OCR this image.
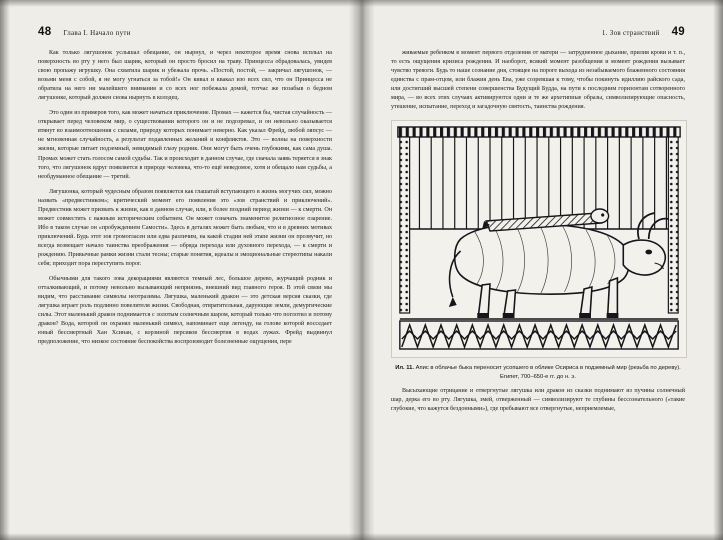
48 Глава I. Начало пути

Как только лягушонок услышал обещание, он нырнул, и через некоторое время снова всплыл на поверхность во рту у него был шарик, который он просто бросил на траву. Принцесса обрадовалась, увидев свою пропажу игрушку. Она схватила шарик и убежала прочь. «Постой, постой, — закричал лягушонок, — возьми меня с собой, я не могу угнаться за тобой!» Он кивал и квакал изо всех сил, что он Принцесса не обратила на него ни малейшего внимания и со всех ног побежала домой, тотчас же позабыв о бедном лягушонке, который должен снова нырнуть в колодец.

Это один из примеров того, как может начаться приключение. Промах — кажется бы, чистая случайность — открывает перед человеком мир, о существовании которого он и не подозревал, и он невольно оказывается втянут во взаимоотношения с силами, природу которых понимает неверно. Как указал Фрейд, любой ляпсус — не мгновенная случайность, а результат подавленных желаний и конфликтов. Это — волны на поверхности жизни, которые питает подземный, невидимый глазу родник. Они могут быть очень глубокими, как сама душа. Промах может стать голосом самой судьбы. Так и происходит в данном случае, где сначала заявь теряется в знак того, что лягушонок вдруг появляется в природе человека, что-то ещё неведомое, хотя и обещало нам судьбы, а необдуманное обещание — третий.

Лягушонка, который чудесным образом появляется как глашатай вступающего в жизнь могучих сил, можно назвать «предвестником»; критический момент его появления это «зов странствий и приключений». Предвестник может призвать к жизни, как в данном случае, или, в более поздний период жизни — к смерти. Он может совместить с важным историческим событием. Он может означать знаменитое религиозное озарение. Ибо в таком случае он «пробуждением Самости». Здесь в деталях может быть любым, что и в древних мотивах приключений. Будь этот зов громогласен или едва различим, на какой стадии ней этапе жизни он прозвучит, но всегда возвещает начало таинства преображения — обряда перехода или духовного перехода, — к смерти и рождению. Привычные рамки жизни стали тесны; старые понятия, идеалы и эмоциональные стереотипы накали себя; приходит пора переступить порог.

Обычными для такого зова декорациями являются темный лес, большое дерево, журчащий родник и отталкивающий, и потому невольно вызывающий неприязнь, внешний вид главного героя. В этой связи мы видим, что расставание символы неотразимы. Лягушка, маленький дракон — это детская версия сказки, где лягушка играет роль подлинно повелителя жизни. Свободная, отвратительная, дарующие земли, демургические силы. Этот маленький дракон поднимается с золотым солнечным шаром, который только что поглотил и потому дракон? Вода, которой он охранял маленький символ, напоминает еще легенду, на голове которой восседает юный бессмертный Хан Хсинан, с корзиной персиков бессмертия в водах лужах. Фрейд выдвинул предположение, что низкое состояние беспокойства воспроизводит болезненные ощущения, пере

1. Зов странствий 49

живаемые ребенком в момент первого отделения от матери — затрудненное дыхание, прилив крови и т. п., то есть ощущения кризиса рождения. И наоборот, всякий момент разобщения и момент рождения вызывает чувство тревоги. Будь то наше сознание дня, стоящее на пороге выхода из незабываемого блаженного состояния единства с прам-отцом, или блажия день Ева, уже созревшая к тому, чтобы покинуть идиллию райского сада, или достигший высшей степени совершенства Будущий Будда, на пути к последним горизонтам сотворенного мира, — во всех этих случаях активируются одни и те же архетипные образы, символизирующие опасность, утешение, испытание, переход и загадочную святость, таинства рождения.

Ил. 11. Апис в облачье быка переносит усопшего в облике Осириса в подземный мир (резьба по дереву). Египет, 700–650-е гг. до н. э.

Высыхающие отрицание и отвергнутые лягушка или дракон из сказки поднимают из пучины солнечный шар, дерка его во рту. Лягушка, змей, отверженный — символизируют те глубины бессознательного («такие глубокие, что кажутся бездонными»), где пребывают все отвергнутые, неприемлемые,
